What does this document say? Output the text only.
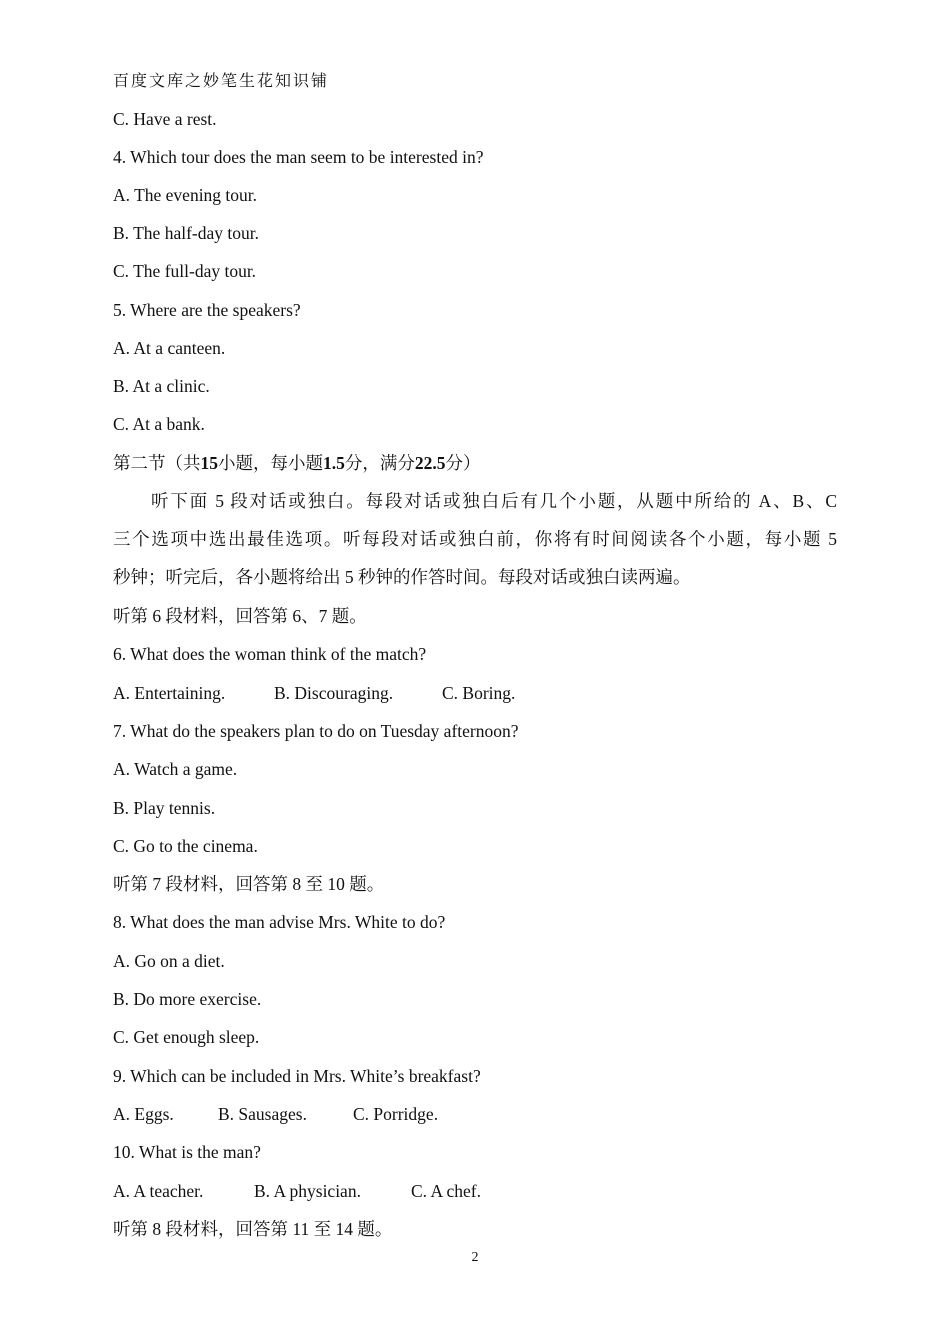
百度文库之妙笔生花知识铺
C. Have a rest.
4. Which tour does the man seem to be interested in?
A. The evening tour.
B. The half-day tour.
C. The full-day tour.
5. Where are the speakers?
A. At a canteen.
B. At a clinic.
C. At a bank.
第二节（共15小题，每小题1.5分，满分22.5分）
听下面 5 段对话或独白。每段对话或独白后有几个小题，从题中所给的 A、B、C
三个选项中选出最佳选项。听每段对话或独白前，你将有时间阅读各个小题，每小题 5
秒钟；听完后，各小题将给出 5 秒钟的作答时间。每段对话或独白读两遍。
听第 6 段材料，回答第 6、7 题。
6. What does the woman think of the match?
A. Entertaining.	B. Discouraging.	C. Boring.
7. What do the speakers plan to do on Tuesday afternoon?
A. Watch a game.
B. Play tennis.
C. Go to the cinema.
听第 7 段材料，回答第 8 至 10 题。
8. What does the man advise Mrs. White to do?
A. Go on a diet.
B. Do more exercise.
C. Get enough sleep.
9. Which can be included in Mrs. White’s breakfast?
A. Eggs.	B. Sausages.	C. Porridge.
10. What is the man?
A. A teacher.	B. A physician.	C. A chef.
听第 8 段材料，回答第 11 至 14 题。
2
